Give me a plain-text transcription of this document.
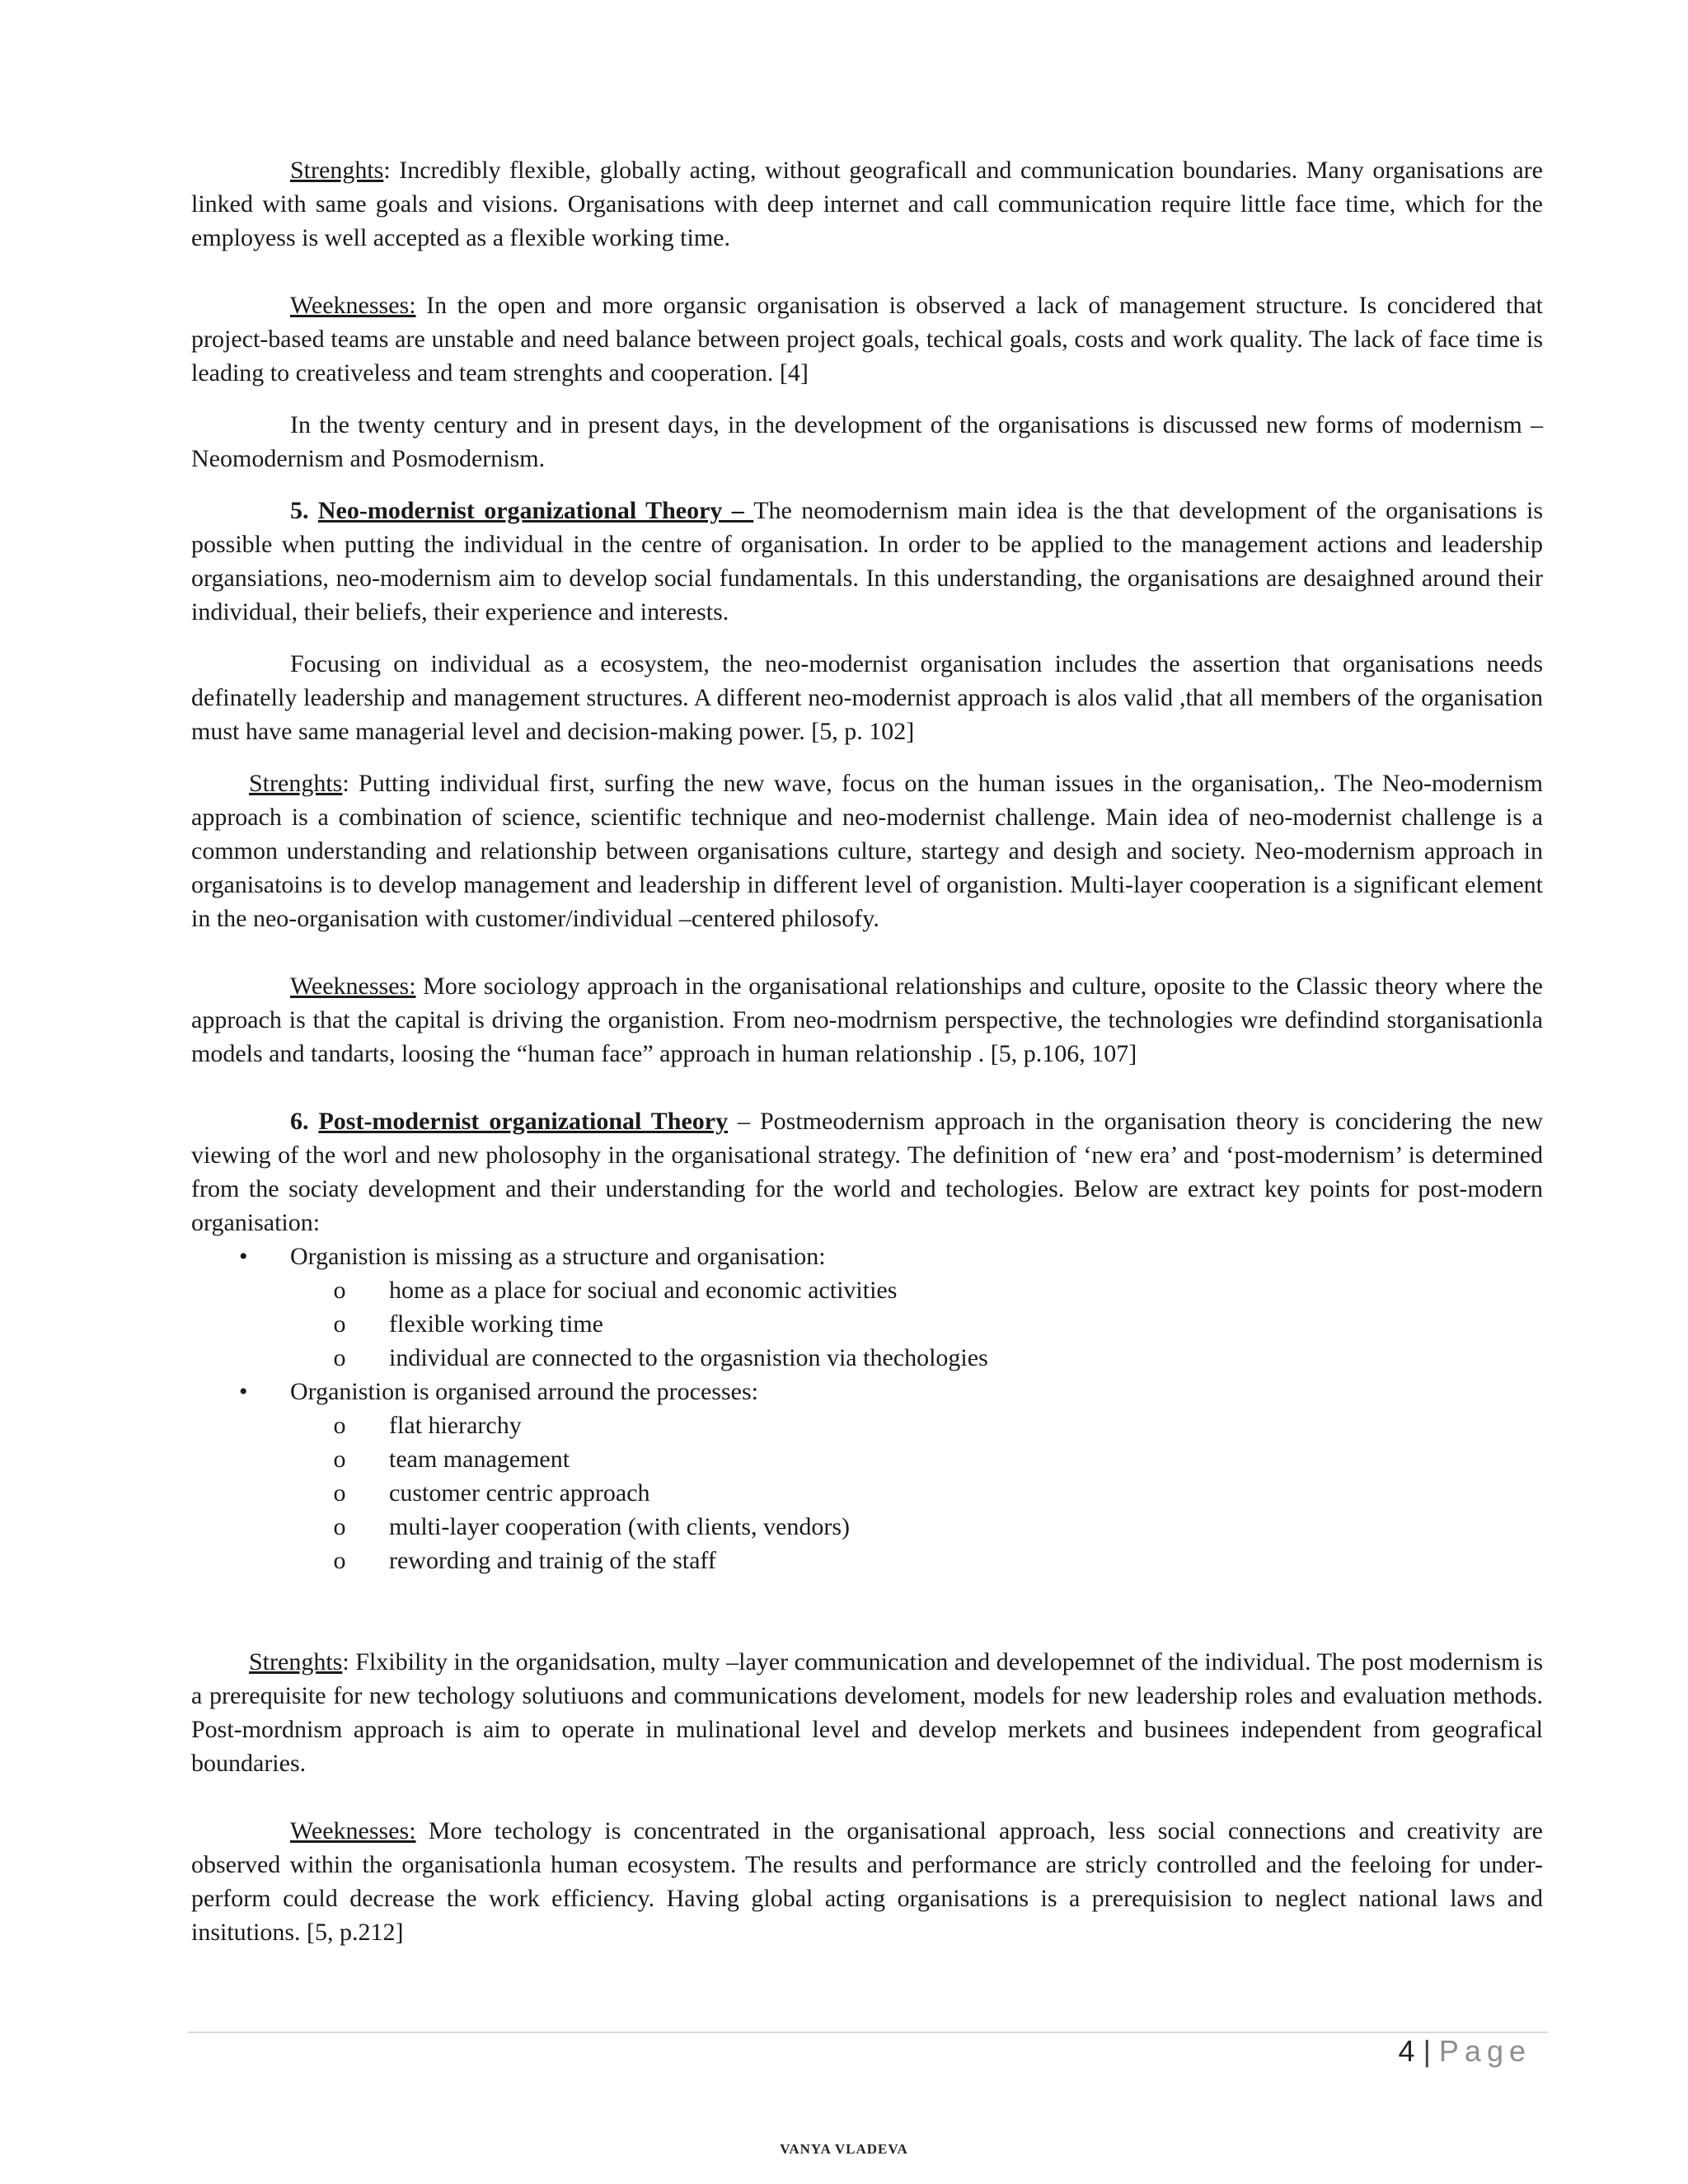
Strenghts: Incredibly flexible, globally acting, without geograficall and communication boundaries. Many organisations are linked with same goals and visions. Organisations with deep internet and call communication require little face time, which for the employess is well accepted as a flexible working time.

Weeknesses: In the open and more organsic organisation is observed a lack of management structure. Is concidered that project-based teams are unstable and need balance between project goals, techical goals, costs and work quality. The lack of face time is leading to creativeless and team strenghts and cooperation. [4]

In the twenty century and in present days, in the development of the organisations is discussed new forms of modernism – Neomodernism and Posmodernism.

5. Neo-modernist organizational Theory – The neomodernism main idea is the that development of the organisations is possible when putting the individual in the centre of organisation. In order to be applied to the management actions and leadership organsiations, neo-modernism aim to develop social fundamentals. In this understanding, the organisations are desaighned around their individual, their beliefs, their experience and interests.

Focusing on individual as a ecosystem, the neo-modernist organisation includes the assertion that organisations needs definatelly leadership and management structures. A different neo-modernist approach is alos valid ,that all members of the organisation must have same managerial level and decision-making power. [5, p. 102]

Strenghts: Putting individual first, surfing the new wave, focus on the human issues in the organisation,. The Neo-modernism approach is a combination of science, scientific technique and neo-modernist challenge. Main idea of neo-modernist challenge is a common understanding and relationship between organisations culture, startegy and desigh and society. Neo-modernism approach in organisatoins is to develop management and leadership in different level of organistion. Multi-layer cooperation is a significant element in the neo-organisation with customer/individual –centered philosofy.

Weeknesses: More sociology approach in the organisational relationships and culture, oposite to the Classic theory where the approach is that the capital is driving the organistion. From neo-modrnism perspective, the technologies wre defindind storganisationla models and tandarts, loosing the “human face” approach in human relationship . [5, p.106, 107]

6. Post-modernist organizational Theory – Postmeodernism approach in the organisation theory is conciderin​g the new viewing of the worl and new pholosophy in the organisational strategy. The definition of ‘new era’ and ‘post-modernism’ is determined from the sociaty development and their understanding for the world and techologies. Below are extract key points for post-modern organisation:

• Organistion is missing as a structure and organisation:
o	home as a place for sociual and economic activities
o	flexible working time
o	individual are connected to the orgasnistion via thechologies
• Organistion is organised arround the processes:
o	flat hierarchy
o	team management
o	customer centric approach
o	multi-layer cooperation (with clients, vendors)
o	rewording and trainig of the staff

Strenghts: Flxibility in the organidsation, multy –layer communication and developemnet of the individual. The post modernism is a prerequisite for new techology solutiuons and communications develoment, models for new leadership roles and evaluation methods. Post-mordnism approach is aim to operate in mulinational level and develop merkets and businees independent from geografical boundaries.

Weeknesses: More techology is concentrated in the organisational approach, less social connections and creativity are observed within the organisationla human ecosystem. The results and performance are stricly controlled and the feeloing for under-perform could decrease the work efficiency. Having global acting organisations is a prerequisision to neglect national laws and insitutions. [5, p.212]

4 | Page
VANYA VLADEVA
